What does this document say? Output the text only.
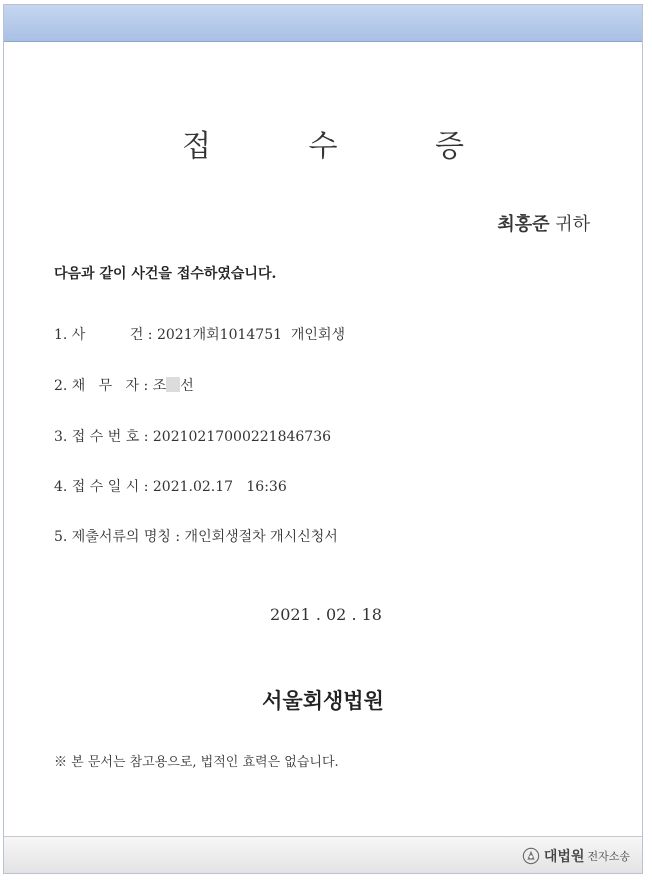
접 수 증
최홍준 귀하
다음과 같이 사건을 접수하였습니다.
1. 사          건 : 2021개회1014751  개인회생
2. 채   무   자 : 조 선
3. 접 수 번 호 : 20210217000221846736
4. 접 수 일 시 : 2021.02.17   16:36
5. 제출서류의 명칭 : 개인회생절차 개시신청서
2021 . 02 . 18
서울회생법원
※ 본 문서는 참고용으로, 법적인 효력은 없습니다.
대법원 전자소송
